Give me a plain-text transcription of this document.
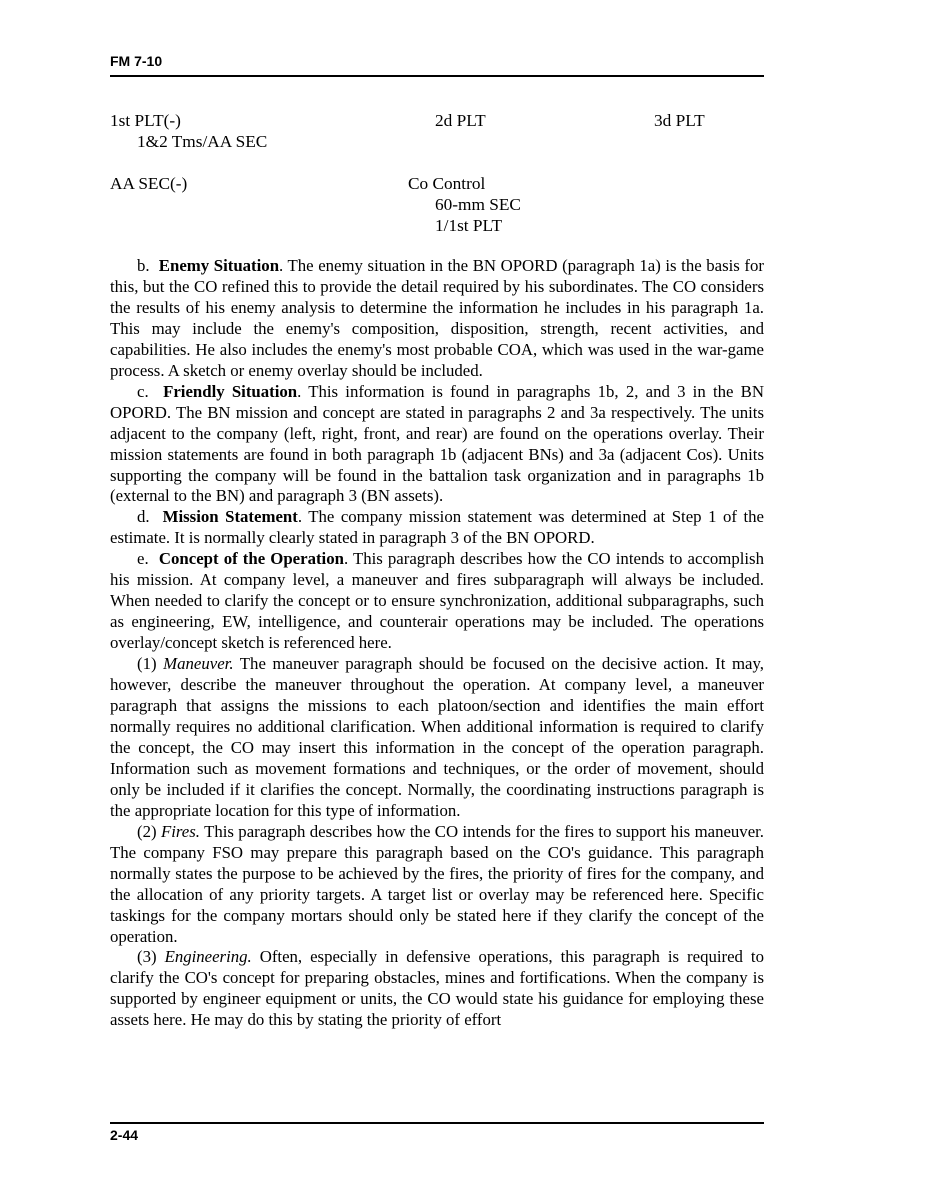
FM 7-10
1st PLT(-)
1&2 Tms/AA SEC
2d PLT	3d PLT
AA SEC(-)	Co Control
60-mm SEC
1/1st PLT

b. Enemy Situation. The enemy situation in the BN OPORD (paragraph 1a) is the basis for this, but the CO refined this to provide the detail required by his subordinates. The CO considers the results of his enemy analysis to determine the information he includes in his paragraph 1a. This may include the enemy's composition, disposition, strength, recent activities, and capabilities. He also includes the enemy's most probable COA, which was used in the war-game process. A sketch or enemy overlay should be included.

c. Friendly Situation. This information is found in paragraphs 1b, 2, and 3 in the BN OPORD. The BN mission and concept are stated in paragraphs 2 and 3a respectively. The units adjacent to the company (left, right, front, and rear) are found on the operations overlay. Their mission statements are found in both paragraph 1b (adjacent BNs) and 3a (adjacent Cos). Units supporting the company will be found in the battalion task organization and in paragraphs 1b (external to the BN) and paragraph 3 (BN assets).

d. Mission Statement. The company mission statement was determined at Step 1 of the estimate. It is normally clearly stated in paragraph 3 of the BN OPORD.

e. Concept of the Operation. This paragraph describes how the CO intends to accomplish his mission. At company level, a maneuver and fires subparagraph will always be included. When needed to clarify the concept or to ensure synchronization, additional subparagraphs, such as engineering, EW, intelligence, and counterair operations may be included. The operations overlay/concept sketch is referenced here.

(1) Maneuver. The maneuver paragraph should be focused on the decisive action. It may, however, describe the maneuver throughout the operation. At company level, a maneuver paragraph that assigns the missions to each platoon/section and identifies the main effort normally requires no additional clarification. When additional information is required to clarify the concept, the CO may insert this information in the concept of the operation paragraph. Information such as movement formations and techniques, or the order of movement, should only be included if it clarifies the concept. Normally, the coordinating instructions paragraph is the appropriate location for this type of information.

(2) Fires. This paragraph describes how the CO intends for the fires to support his maneuver. The company FSO may prepare this paragraph based on the CO's guidance. This paragraph normally states the purpose to be achieved by the fires, the priority of fires for the company, and the allocation of any priority targets. A target list or overlay may be referenced here. Specific taskings for the company mortars should only be stated here if they clarify the concept of the operation.

(3) Engineering. Often, especially in defensive operations, this paragraph is required to clarify the CO's concept for preparing obstacles, mines and fortifications. When the company is supported by engineer equipment or units, the CO would state his guidance for employing these assets here. He may do this by stating the priority of effort

2-44
